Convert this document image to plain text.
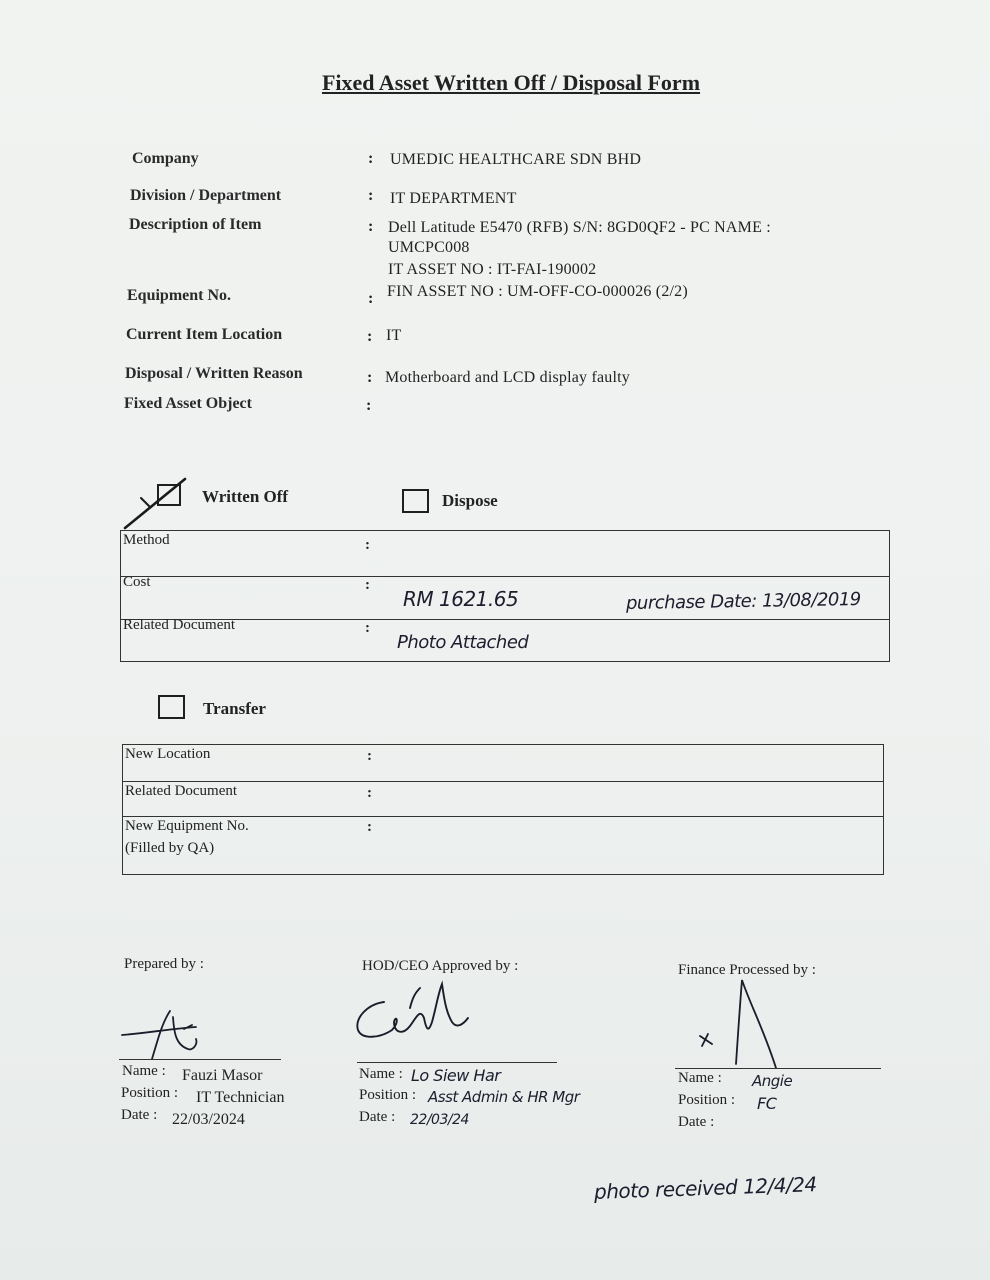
Fixed Asset Written Off / Disposal Form
Company	: UMEDIC HEALTHCARE SDN BHD
Division / Department	: IT DEPARTMENT
Description of Item	: Dell Latitude E5470 (RFB) S/N: 8GD0QF2 - PC NAME :
UMCPC008
IT ASSET NO : IT-FAI-190002
Equipment No.	: FIN ASSET NO : UM-OFF-CO-000026 (2/2)
Current Item Location	: IT
Disposal / Written Reason	: Motherboard and LCD display faulty
Fixed Asset Object	:
Written Off	Dispose
Method	:
Cost	:
RM 1621.65	purchase Date: 13/08/2019
Related Document	:
Photo Attached
Transfer
New Location	:
Related Document	:
New Equipment No.
(Filled by QA)
:
Prepared by :
Name : Fauzi Masor
Position : IT Technician
Date : 22/03/2024
HOD/CEO Approved by :
Name : Lo Siew Har
Position : Asst Admin & HR Mgr
Date : 22/03/24
Finance Processed by :
Name : Angie
Position : FC
Date :
photo received 12/4/24
